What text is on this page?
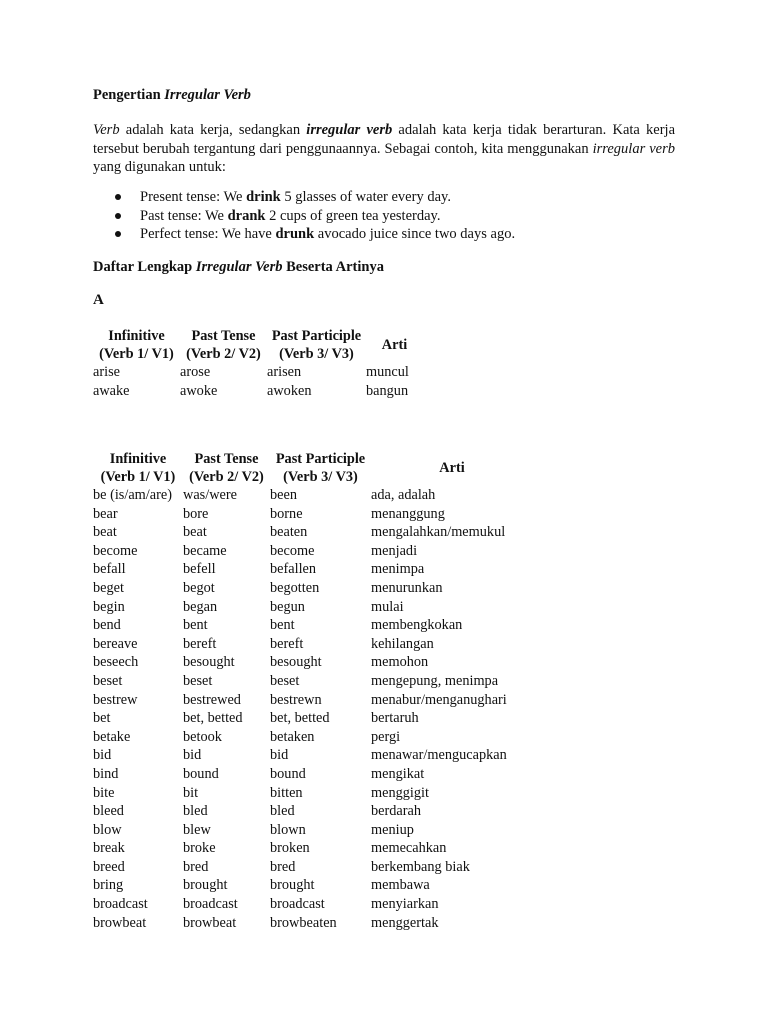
Pengertian Irregular Verb

Verb adalah kata kerja, sedangkan irregular verb adalah kata kerja tidak berarturan. Kata kerja tersebut berubah tergantung dari penggunaannya. Sebagai contoh, kita menggunakan irregular verb yang digunakan untuk:

Present tense: We drink 5 glasses of water every day.
Past tense: We drank 2 cups of green tea yesterday.
Perfect tense: We have drunk avocado juice since two days ago.

Daftar Lengkap Irregular Verb Beserta Artinya

A

Infinitive
(Verb 1/ V1)	Past Tense
(Verb 2/ V2)	Past Participle
(Verb 3/ V3)	Arti
arise	arose	arisen	muncul
awake	awoke	awoken	bangun
Infinitive
(Verb 1/ V1)	Past Tense
(Verb 2/ V2)	Past Participle
(Verb 3/ V3)	Arti
be (is/am/are)	was/were	been	ada, adalah
bear	bore	borne	menanggung
beat	beat	beaten	mengalahkan/memukul
become	became	become	menjadi
befall	befell	befallen	menimpa
beget	begot	begotten	menurunkan
begin	began	begun	mulai
bend	bent	bent	membengkokan
bereave	bereft	bereft	kehilangan
beseech	besought	besought	memohon
beset	beset	beset	mengepung, menimpa
bestrew	bestrewed	bestrewn	menabur/menganughari
bet	bet, betted	bet, betted	bertaruh
betake	betook	betaken	pergi
bid	bid	bid	menawar/mengucapkan
bind	bound	bound	mengikat
bite	bit	bitten	menggigit
bleed	bled	bled	berdarah
blow	blew	blown	meniup
break	broke	broken	memecahkan
breed	bred	bred	berkembang biak
bring	brought	brought	membawa
broadcast	broadcast	broadcast	menyiarkan
browbeat	browbeat	browbeaten	menggertak
